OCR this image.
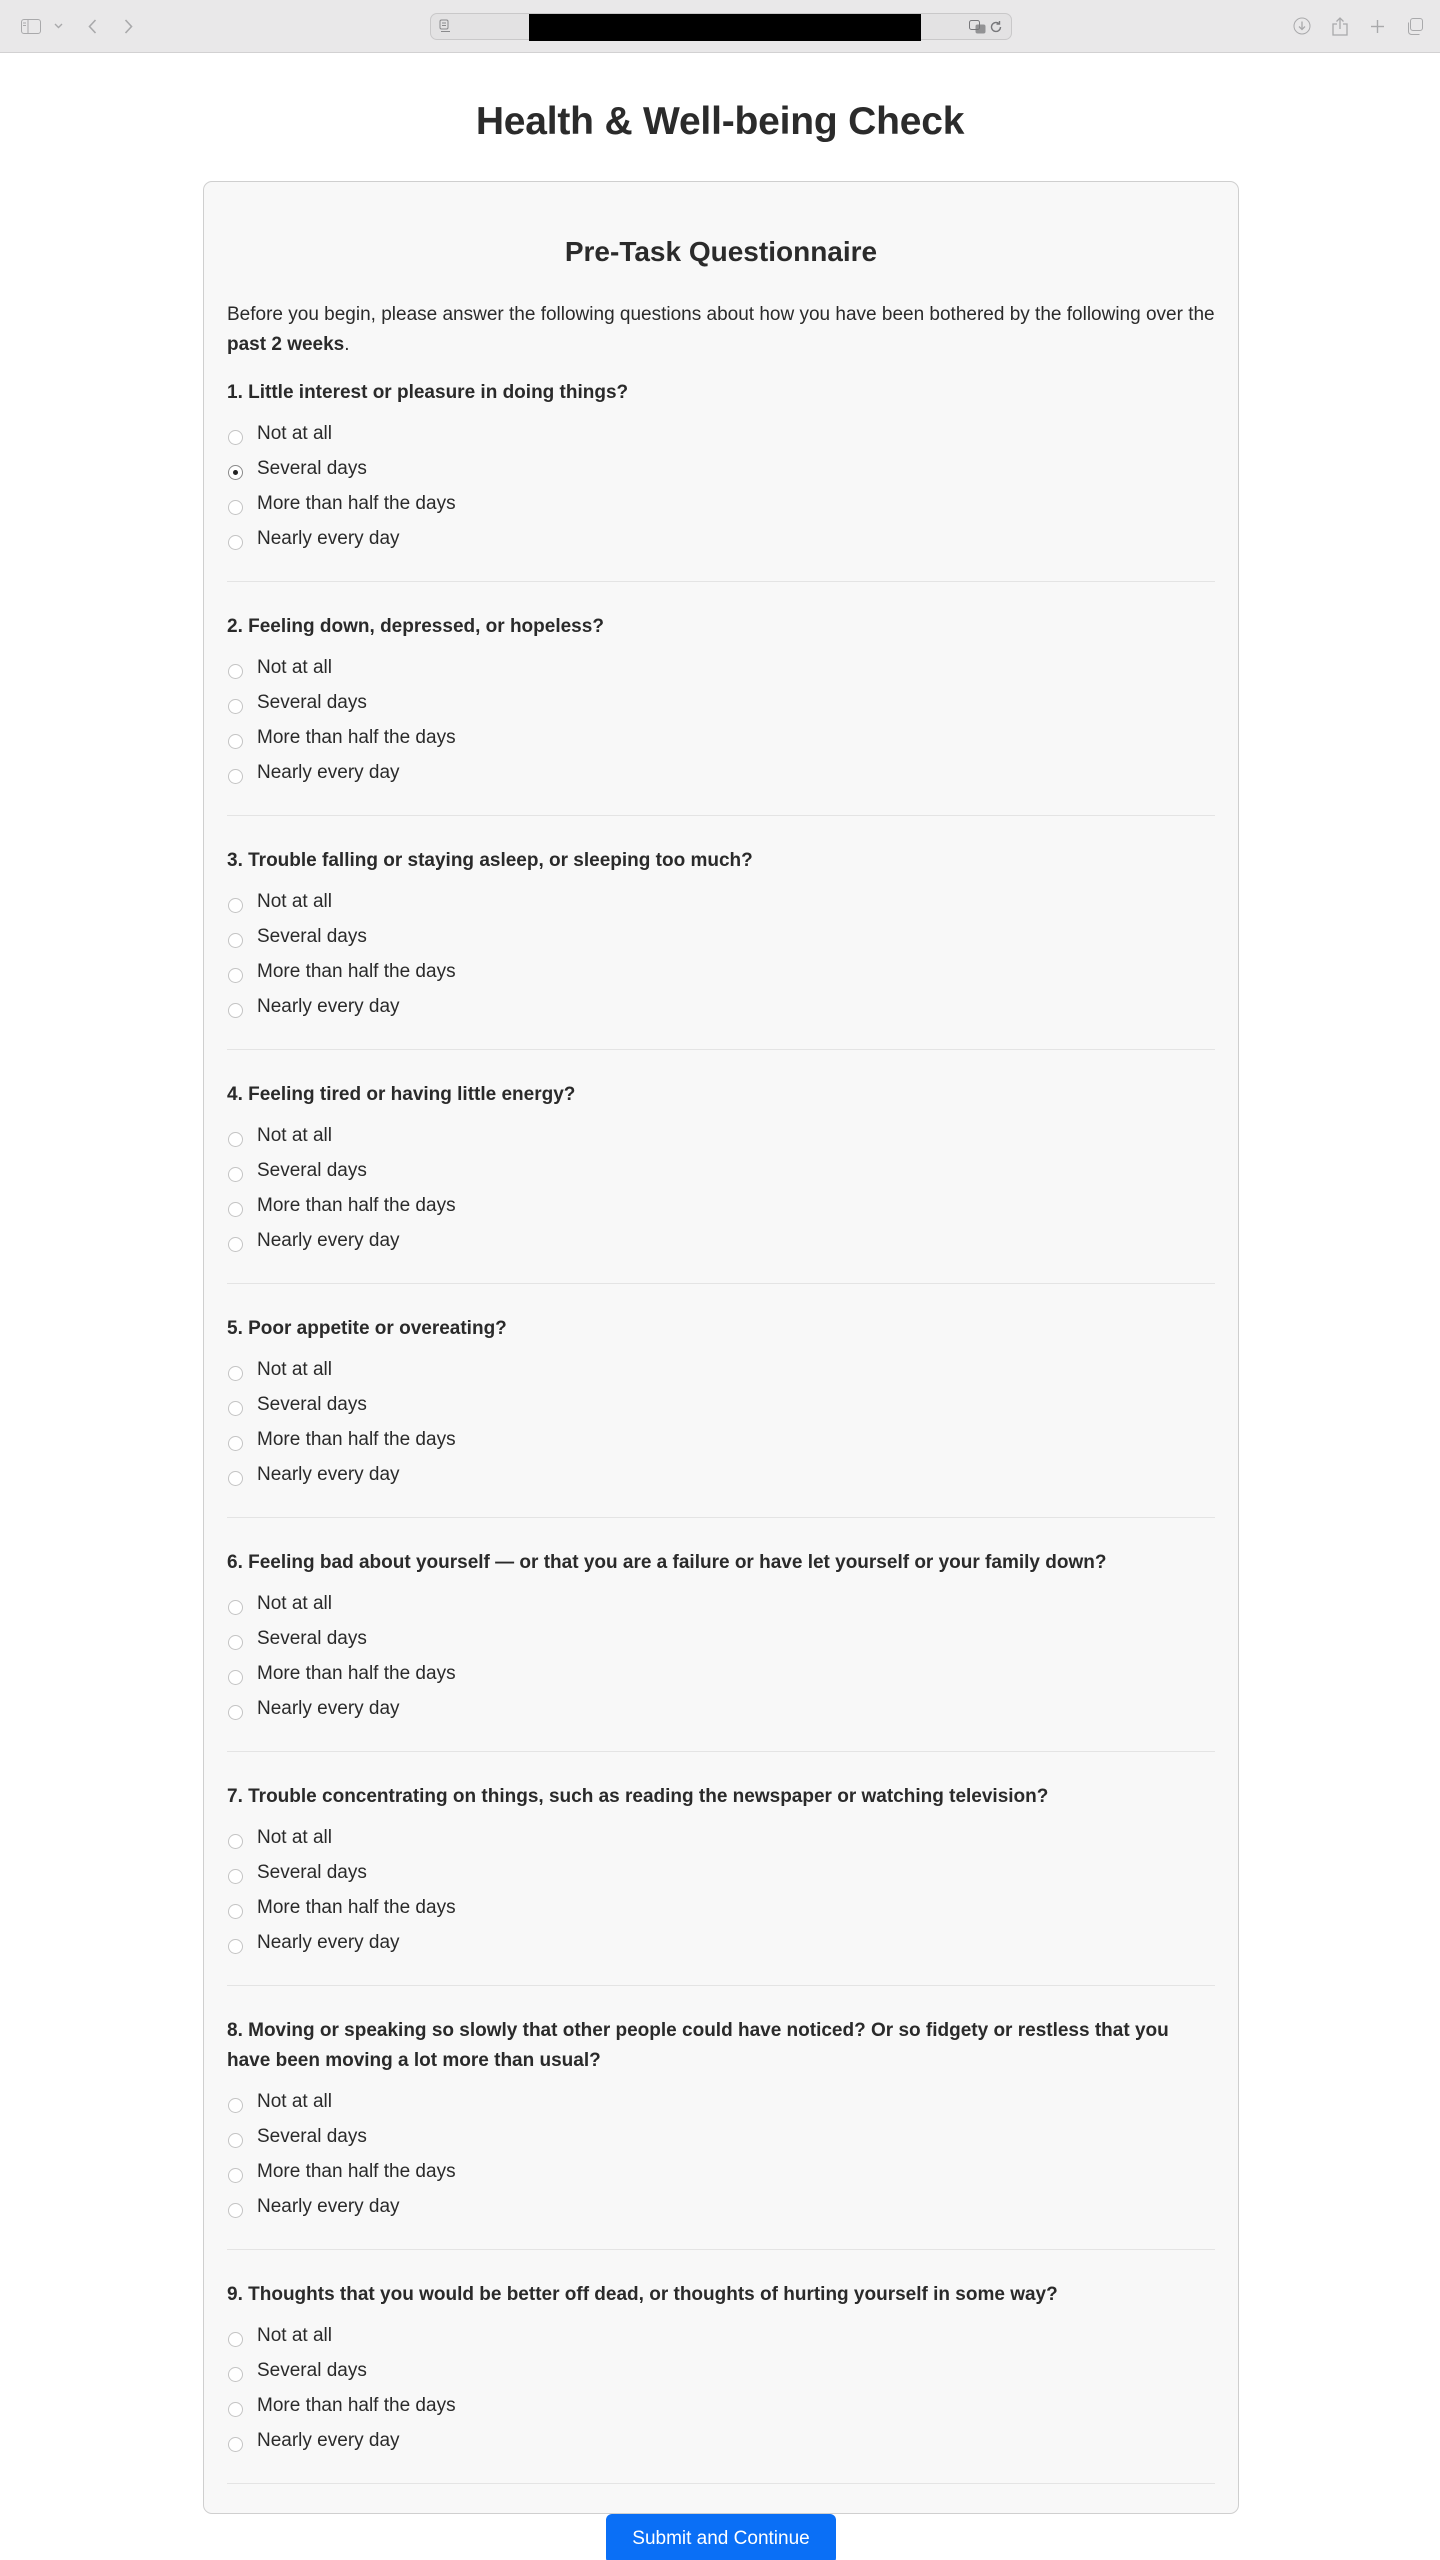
Health & Well-being Check
Pre-Task Questionnaire

Before you begin, please answer the following questions about how you have been bothered by the following over the past 2 weeks.

1. Little interest or pleasure in doing things?
Not at all
Several days
More than half the days
Nearly every day
2. Feeling down, depressed, or hopeless?
Not at all
Several days
More than half the days
Nearly every day
3. Trouble falling or staying asleep, or sleeping too much?
Not at all
Several days
More than half the days
Nearly every day
4. Feeling tired or having little energy?
Not at all
Several days
More than half the days
Nearly every day
5. Poor appetite or overeating?
Not at all
Several days
More than half the days
Nearly every day
6. Feeling bad about yourself — or that you are a failure or have let yourself or your family down?
Not at all
Several days
More than half the days
Nearly every day
7. Trouble concentrating on things, such as reading the newspaper or watching television?
Not at all
Several days
More than half the days
Nearly every day
8. Moving or speaking so slowly that other people could have noticed? Or so fidgety or restless that you have been moving a lot more than usual?
Not at all
Several days
More than half the days
Nearly every day
9. Thoughts that you would be better off dead, or thoughts of hurting yourself in some way?
Not at all
Several days
More than half the days
Nearly every day
Submit and Continue
